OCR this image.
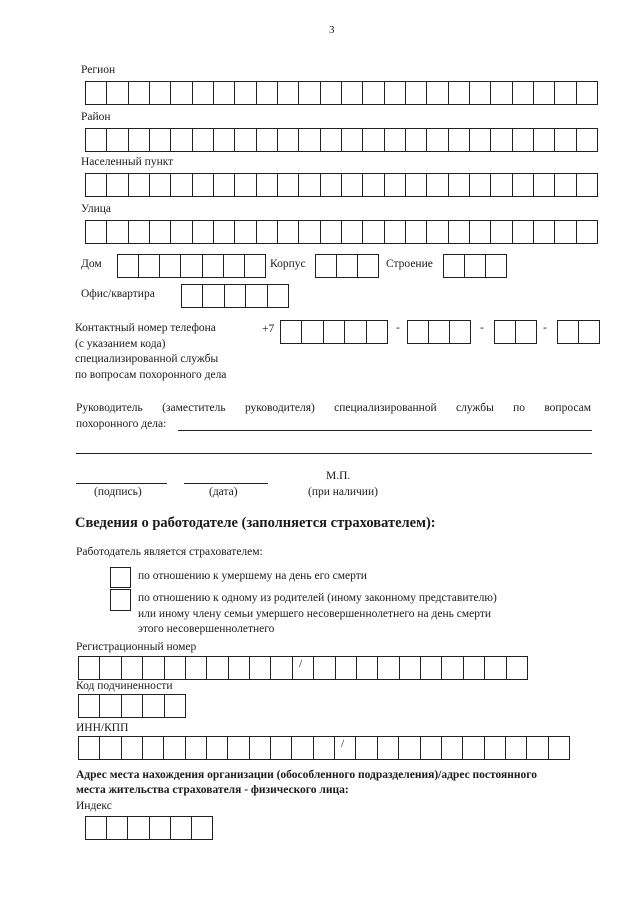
3
Регион
Район
Населенный пункт
Улица
Дом	Корпус	Строение
Офис/квартира
Контактный номер телефона
(с указанием кода)
специализированной службы
по вопросам похоронного дела
+7	-	-	-
Руководитель (заместитель руководителя) специализированной службы по вопросам
похоронного дела:
(подпись)	(дата)
М.П.
(при наличии)
Сведения о работодателе (заполняется страхователем):
Работодатель является страхователем:
по отношению к умершему на день его смерти
по отношению к одному из родителей (иному законному представителю)
или иному члену семьи умершего несовершеннолетнего на день смерти
этого несовершеннолетнего
Регистрационный номер
/
Код подчиненности
ИНН/КПП
/
Адрес места нахождения организации (обособленного подразделения)/адрес постоянного
места жительства страхователя - физического лица:
Индекс
